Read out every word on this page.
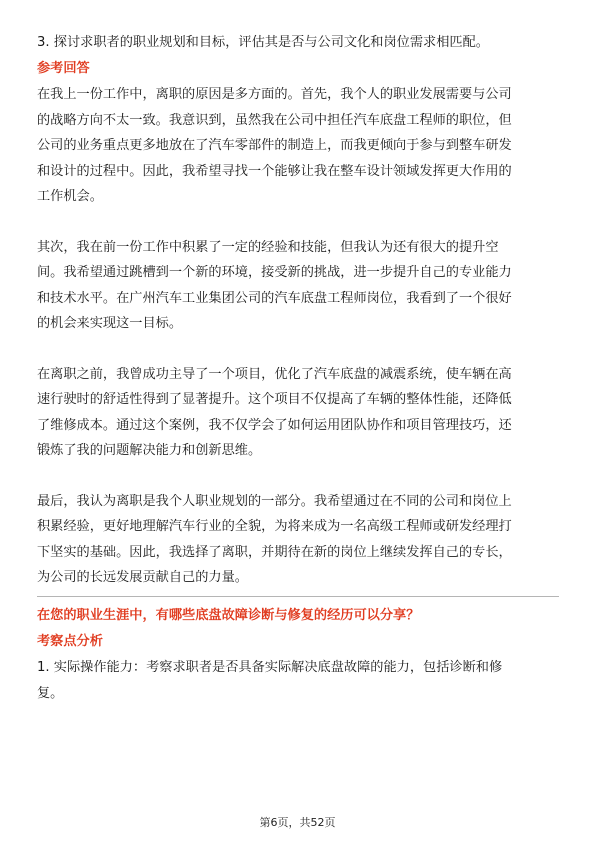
3. 探讨求职者的职业规划和目标，评估其是否与公司文化和岗位需求相匹配。
参考回答
在我上一份工作中，离职的原因是多方面的。首先，我个人的职业发展需要与公司
的战略方向不太一致。我意识到，虽然我在公司中担任汽车底盘工程师的职位，但
公司的业务重点更多地放在了汽车零部件的制造上，而我更倾向于参与到整车研发
和设计的过程中。因此，我希望寻找一个能够让我在整车设计领域发挥更大作用的
工作机会。
其次，我在前一份工作中积累了一定的经验和技能，但我认为还有很大的提升空
间。我希望通过跳槽到一个新的环境，接受新的挑战，进一步提升自己的专业能力
和技术水平。在广州汽车工业集团公司的汽车底盘工程师岗位，我看到了一个很好
的机会来实现这一目标。
在离职之前，我曾成功主导了一个项目，优化了汽车底盘的减震系统，使车辆在高
速行驶时的舒适性得到了显著提升。这个项目不仅提高了车辆的整体性能，还降低
了维修成本。通过这个案例，我不仅学会了如何运用团队协作和项目管理技巧，还
锻炼了我的问题解决能力和创新思维。
最后，我认为离职是我个人职业规划的一部分。我希望通过在不同的公司和岗位上
积累经验，更好地理解汽车行业的全貌，为将来成为一名高级工程师或研发经理打
下坚实的基础。因此，我选择了离职，并期待在新的岗位上继续发挥自己的专长，
为公司的长远发展贡献自己的力量。
在您的职业生涯中，有哪些底盘故障诊断与修复的经历可以分享？
考察点分析
1. 实际操作能力：考察求职者是否具备实际解决底盘故障的能力，包括诊断和修
复。
第6页，共52页
